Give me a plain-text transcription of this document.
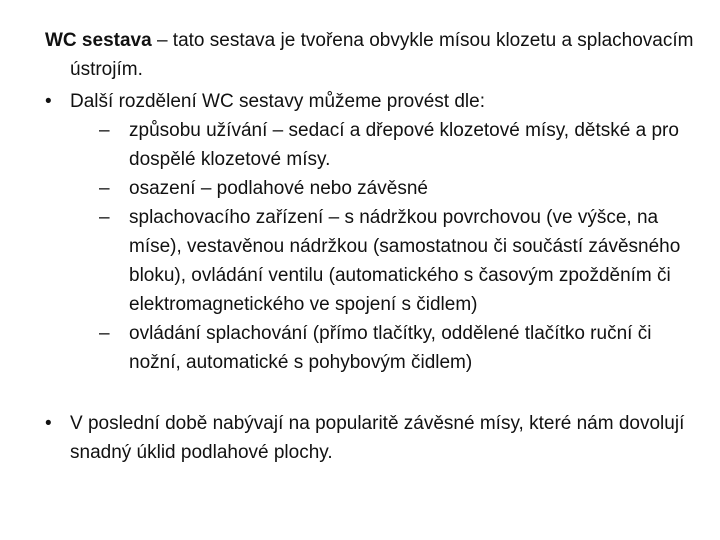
WC sestava – tato sestava je tvořena obvykle mísou klozetu a splachovacím ústrojím.

• Další rozdělení WC sestavy můžeme provést dle:

– způsobu užívání – sedací a dřepové klozetové mísy, dětské a pro dospělé klozetové mísy.

– osazení – podlahové nebo závěsné

– splachovacího zařízení – s nádržkou povrchovou (ve výšce, na míse), vestavěnou nádržkou (samostatnou či součástí závěsného bloku), ovládání ventilu (automatického s časovým zpožděním či elektromagnetického ve spojení s čidlem)

– ovládání splachování (přímo tlačítky, oddělené tlačítko ruční či nožní, automatické s pohybovým čidlem)

• V poslední době nabývají na popularitě závěsné mísy, které nám dovolují snadný úklid podlahové plochy.
